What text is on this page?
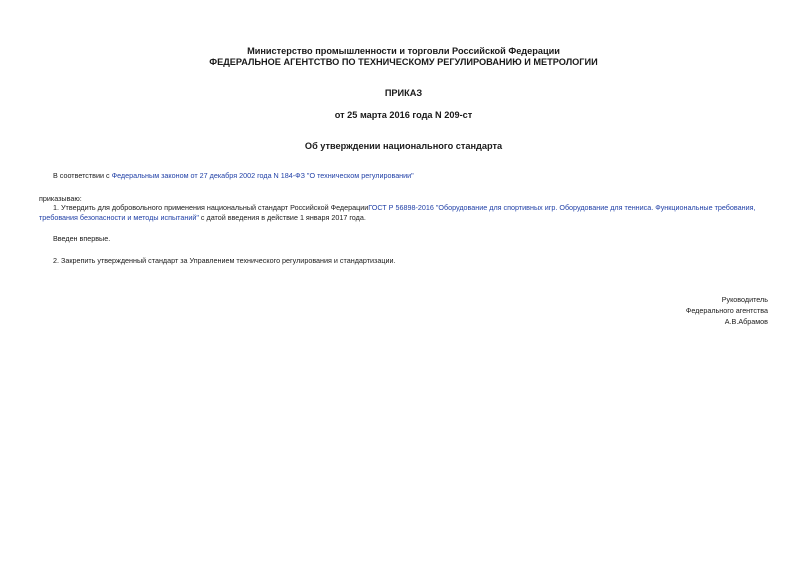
Министерство промышленности и торговли Российской Федерации
ФЕДЕРАЛЬНОЕ АГЕНТСТВО ПО ТЕХНИЧЕСКОМУ РЕГУЛИРОВАНИЮ И МЕТРОЛОГИИ
ПРИКАЗ
от 25 марта 2016 года N 209-ст
Об утверждении национального стандарта
В соответствии с Федеральным законом от 27 декабря 2002 года N 184-ФЗ "О техническом регулировании"
приказываю:
1. Утвердить для добровольного применения национальный стандарт Российской ФедерацииГОСТ Р 56898-2016 "Оборудование для спортивных игр. Оборудование для тенниса. Функциональные требования,
требования безопасности и методы испытаний" с датой введения в действие 1 января 2017 года.
Введен впервые.
2. Закрепить утвержденный стандарт за Управлением технического регулирования и стандартизации.
Руководитель
Федерального агентства
А.В.Абрамов
